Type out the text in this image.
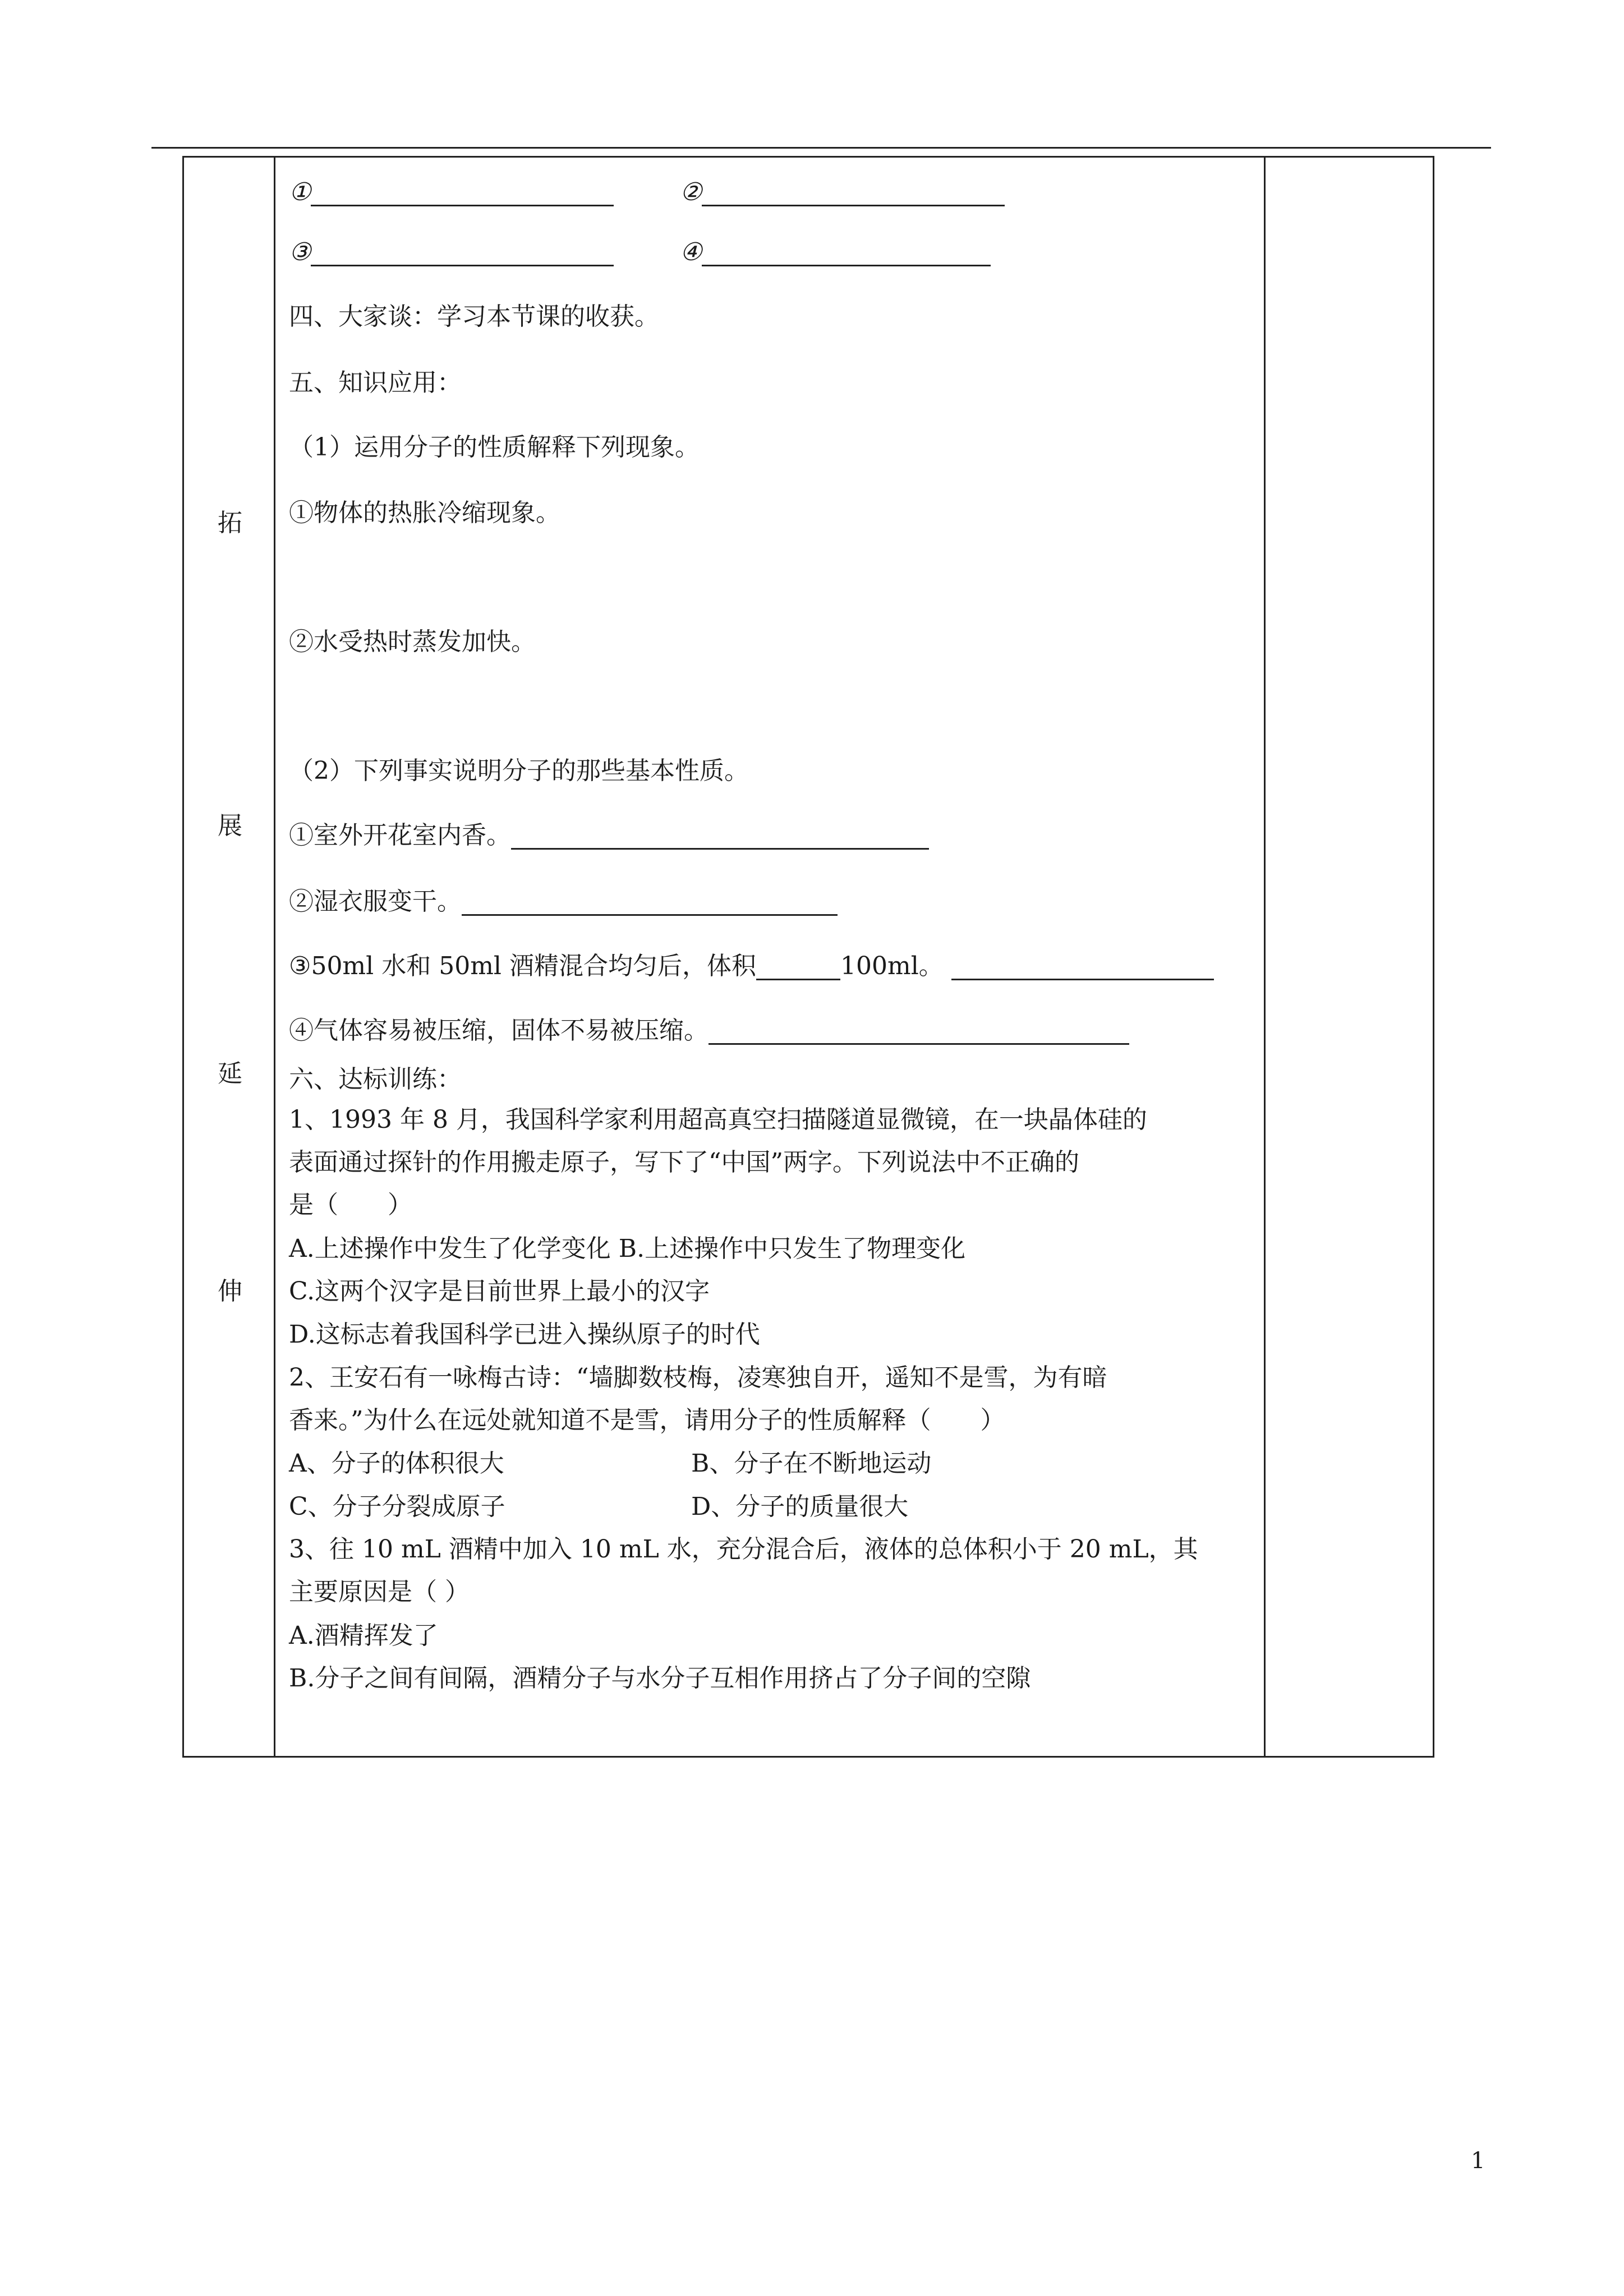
拓
展
延
伸
①	②
③	④
四、大家谈：学习本节课的收获。
五、知识应用：
（1）运用分子的性质解释下列现象。
①物体的热胀冷缩现象。
②水受热时蒸发加快。
（2）下列事实说明分子的那些基本性质。
①室外开花室内香。
②湿衣服变干。
③50ml 水和 50ml 酒精混合均匀后，体积	100ml。
④气体容易被压缩，固体不易被压缩。
六、达标训练：
1、1993 年 8 月，我国科学家利用超高真空扫描隧道显微镜，在一块晶体硅的
表面通过探针的作用搬走原子，写下了“中国”两字。下列说法中不正确的
是（　　）
A.上述操作中发生了化学变化 B.上述操作中只发生了物理变化
C.这两个汉字是目前世界上最小的汉字
D.这标志着我国科学已进入操纵原子的时代
2、王安石有一咏梅古诗：“墙脚数枝梅，凌寒独自开，遥知不是雪，为有暗
香来。”为什么在远处就知道不是雪，请用分子的性质解释（　　）
A、分子的体积很大	B、分子在不断地运动
C、分子分裂成原子	D、分子的质量很大
3、往 10 mL 酒精中加入 10 mL 水，充分混合后，液体的总体积小于 20 mL，其
主要原因是（ ）
A.酒精挥发了
B.分子之间有间隔，酒精分子与水分子互相作用挤占了分子间的空隙
1
